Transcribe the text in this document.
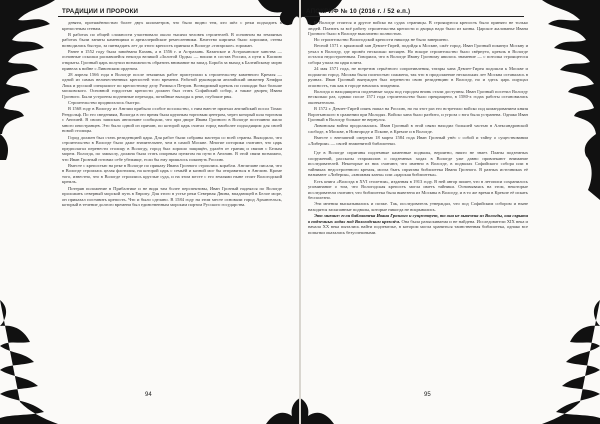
ТРАДИЦИИ И ПРОРОКИ

девяти, протяжённостью более двух километров, что было видно тем, кто шёл с реки подходить к крепостным стенам.

В работах по общей сложности участвовало около тысячи человек строителей. В основном на земляных работах были заняты каменщики и артиллерийские ремесленники. Качество кирпича было хорошим, стены возводились быстро, за пятнадцать лет до этого крепость приняла в Вологде «татарское» горожан.

Ранее в 1552 году была завоёвана Казань, а в 1556 г. и Астрахань. Казанское и Астраханское ханства — основные осколки распавшейся некогда великой «Золотой Орды» — вошли в состав России, а пути к Каспию открыты. Грозный царь получил возможность обратить внимание на запад. Борьба за выход к Балтийскому морю привела к войне с Ливонским орденом.

28 апреля 1566 года в Вологде после земляных работ приступили к строительству каменного Кремля — одной из самых величественных крепостей того времени. Работой руководили английский инженер Хемфри Локк и русский специалист по крепостному делу Размысл Петров. Возводимый кремль по площади был больше московского. Основной гордостью крепости должен был стать Софийский собор, а также дворец Ивана Грозного. Были устроены подземные переходы, потайные выходы к реке, глубокие рвы.

Строительство продвигалось быстро.

В 1568 году в Вологду из Англии прибыло особое посольство, с ним вместе приехал английский посол Томас Рендольф. По его сведениям, Вологда в это время была крупным торговым центром, через который шла торговля с Англией. В своих записках англичане сообщали, что при дворе Ивана Грозного в Вологде постоянно жило много иностранцев. Это было одной из причин, по которой царь считал город наиболее подходящим для своей новой столицы.

Город должен был стать резиденцией царя. Для работ были собраны мастера со всей страны. Выходило, что строительство в Вологде было даже значительнее, чем в самой Москве. Многие историки считают, что царь предполагал перенести столицу в Вологду, город был хорошо защищён, удалён от границ и связан с Белым морем. Вологда, по замыслу, должна была стать опорным пунктом на пути в Англию. В этой связи возможно, что Иван Грозный готовил себе убежище, если бы ему пришлось покинуть Россию.

Вместе с крепостью на реке в Вологде по приказу Ивана Грозного строились корабли. Англичане писали, что в Вологде строилась целая флотилия, на которой царь с семьёй и казной мог бы отправиться в Англию. Кроме того, известно, что в Вологде строились круглые суда, и на этом месте с его землями ныне стоит Вологодский кремль.

Потеряв положение в Прибалтике и не видя там более перспективы, Иван Грозный надеялся по Вологде проложить северный морской путь в Европу. Для этого в устье реки Северная Двина, впадающей в Белое море, он приказал поставить крепость. Что и было сделано. В 1584 году на этом месте основали город Архангельск, который в течение долгого времени был единственным морским портом Русского государства.

94
АПОКРИФ № 10 (2016 г. / 52 е.п.)

В Вологде стоится и другое войско на судах страницы. В строящуюся крепость было принято не только людей. Платить за всё работу строительства крепости и дворца надо было из казны. Царское жалованье Ивана Грозного было в Вологде выплачено полностью.

Но строительство Вологодской крепости никогда не было завершено.

Весной 1571 г. крымский хан Девлет-Гирей, подойдя к Москве, сжёг город. Иван Грозный покинул Москву и уехал в Вологду, где провёл несколько месяцев. Но вскоре строительство было свёрнуто, кремль в Вологде остался недостроенным. Говорили, что в Вологде Ивану Грозному явилось знамение — с потолка строящегося собора упала на царя плита.

24 мая 1571 года, не встретив серьёзного сопротивления, татары хана Девлет-Гирея подошли к Москве и подожгли город. Москва была полностью сожжена, так что в продолжение нескольких лет Москва оставалась в руинах. Иван Грозный вынужден был перенести свою резиденцию в Вологду, но и здесь царь ощущал опасность, так как в городе началась эпидемия.

Вологда и находящиеся подземные ходы под городом вновь стали доступны. Иван Грозный посетил Вологду несколько раз, однако после 1571 года строительство было прекращено, в 1580-х годах работы остановились окончательно.

В 1572 г. Девлет-Гирей опять напал на Россию, но на этот раз его встретило войско под командованием князя Воротынского в сражении при Молодях. Войско хана было разбито, и угроза с юга была устранена. Однако Иван Грозный в Вологду больше не вернулся.

Ливонская война продолжалась. Иван Грозный в этой связи находил большей частью в Александровской слободе, в Москве, в Новгороде и Пскове, в Кремле и в Вологде.

Вместе с внезапной смертью 18 марта 1584 года Иван Грозный унёс с собой и тайну о существовании «Либерии» — своей знаменитой библиотеки.

Где в Вологде спрятаны подземные каменные подвалы, вероятно, никто не знает. Планы подземных сооружений, рассказы старожилов о подземных ходах в Вологде уже давно привлекают внимание исследователей. Некоторые из них считают, что именно в Вологде, в подвалах Софийского собора или в тайниках недостроенного кремля, могла быть спрятана библиотека Ивана Грозного. В разных источниках её называют «Либерия», «книжная казна» или «царская библиотека».

Есть книга «Вологда в XVI столетии», изданная в 1913 году. В ней автор пишет, что в летописи сохранилось упоминание о том, что Вологодская крепость могла иметь тайники. Основываясь на этом, некоторые исследователи считают, что библиотека была вывезена из Москвы в Вологду, и в то же время в Кремле её искать бесполезно.

Эти мнения высказывались и позже. Так, исследователь утверждал, что под Софийским собором и ныне находятся засыпанные подвалы, которые никогда не вскрывались.

Это мнение: если библиотека Ивана Грозного и существует, то она не вывезена из Вологды, она скрыта в подземных ходах под Вологодским кремлём. Она была разыскиваема и не найдена. Исследователи XIX века и начала XX века пытались найти подземелье, в котором могла храниться таинственная библиотека, однако все попытки оказались безуспешными.

95
